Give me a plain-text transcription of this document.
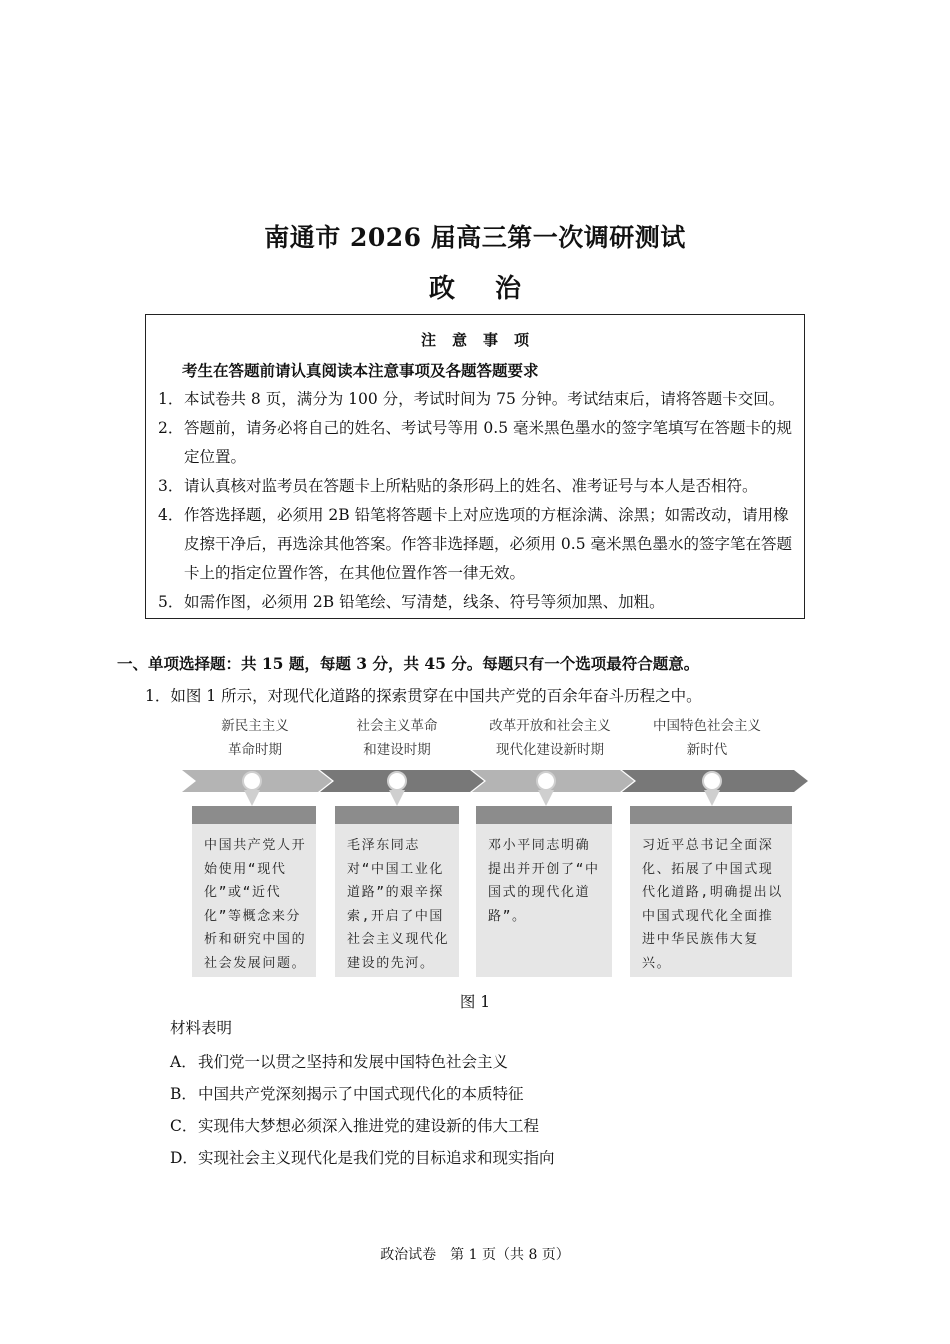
南通市 2026 届高三第一次调研测试
政治
注意事项
考生在答题前请认真阅读本注意事项及各题答题要求
1． 本试卷共 8 页，满分为 100 分，考试时间为 75 分钟。考试结束后，请将答题卡交回。
2． 答题前，请务必将自己的姓名、考试号等用 0.5 毫米黑色墨水的签字笔填写在答题卡的规定位置。
3． 请认真核对监考员在答题卡上所粘贴的条形码上的姓名、准考证号与本人是否相符。
4． 作答选择题，必须用 2B 铅笔将答题卡上对应选项的方框涂满、涂黑；如需改动，请用橡皮擦干净后，再选涂其他答案。作答非选择题，必须用 0.5 毫米黑色墨水的签字笔在答题卡上的指定位置作答，在其他位置作答一律无效。
5． 如需作图，必须用 2B 铅笔绘、写清楚，线条、符号等须加黑、加粗。
一、单项选择题：共 15 题，每题 3 分，共 45 分。每题只有一个选项最符合题意。
1．如图 1 所示，对现代化道路的探索贯穿在中国共产党的百余年奋斗历程之中。
新民主主义
革命时期
社会主义革命
和建设时期
改革开放和社会主义
现代化建设新时期
中国特色社会主义
新时代
中国共产党人开始使用“现代化”或“近代化”等概念来分析和研究中国的社会发展问题。
毛泽东同志对“中国工业化道路”的艰辛探索,开启了中国社会主义现代化建设的先河。
邓小平同志明确提出并开创了“中国式的现代化道路”。
习近平总书记全面深化、拓展了中国式现代化道路,明确提出以中国式现代化全面推进中华民族伟大复兴。
图 1
材料表明
A． 我们党一以贯之坚持和发展中国特色社会主义
B． 中国共产党深刻揭示了中国式现代化的本质特征
C． 实现伟大梦想必须深入推进党的建设新的伟大工程
D． 实现社会主义现代化是我们党的目标追求和现实指向
政治试卷　第 1 页（共 8 页）
